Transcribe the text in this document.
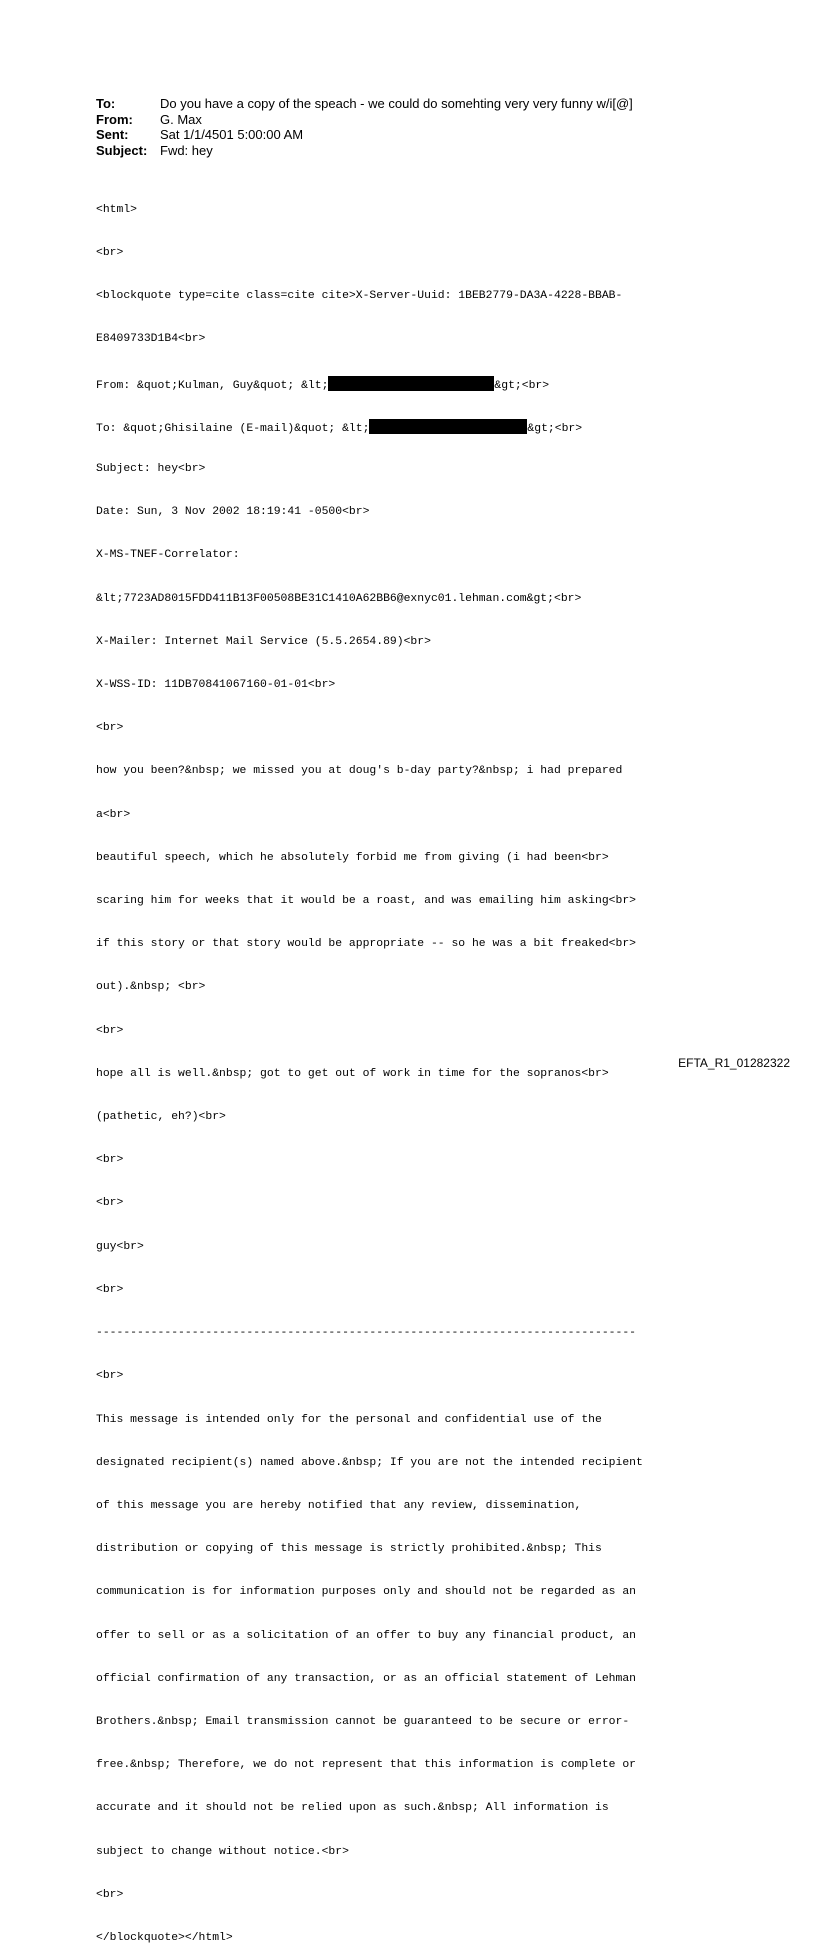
To:	Do you have a copy of the speach - we could do somehting very very funny w/i[@]
From:	G. Max
Sent:	Sat 1/1/4501 5:00:00 AM
Subject: Fwd: hey

<html>

<br>

<blockquote type=cite class=cite cite>X-Server-Uuid: 1BEB2779-DA3A-4228-BBAB-

E8409733D1B4<br>

From: &quot;Kulman, Guy&quot; &lt;	&gt;<br>

To: &quot;Ghisilaine (E-mail)&quot; &lt;	&gt;<br>

Subject: hey<br>

Date: Sun, 3 Nov 2002 18:19:41 -0500<br>

X-MS-TNEF-Correlator:

&lt;7723AD8015FDD411B13F00508BE31C1410A62BB6@exnyc01.lehman.com&gt;<br>

X-Mailer: Internet Mail Service (5.5.2654.89)<br>

X-WSS-ID: 11DB70841067160-01-01<br>

<br>

how you been?&nbsp; we missed you at doug's b-day party?&nbsp; i had prepared

a<br>

beautiful speech, which he absolutely forbid me from giving (i had been<br>

scaring him for weeks that it would be a roast, and was emailing him asking<br>

if this story or that story would be appropriate -- so he was a bit freaked<br>

out).&nbsp; <br>

<br>

hope all is well.&nbsp; got to get out of work in time for the sopranos<br>

(pathetic, eh?)<br>

<br>

<br>

guy<br>

<br>

-------------------------------------------------------------------------------

<br>

This message is intended only for the personal and confidential use of the

designated recipient(s) named above.&nbsp; If you are not the intended recipient

of this message you are hereby notified that any review, dissemination,

distribution or copying of this message is strictly prohibited.&nbsp; This

communication is for information purposes only and should not be regarded as an

offer to sell or as a solicitation of an offer to buy any financial product, an

official confirmation of any transaction, or as an official statement of Lehman

Brothers.&nbsp; Email transmission cannot be guaranteed to be secure or error-

free.&nbsp; Therefore, we do not represent that this information is complete or

accurate and it should not be relied upon as such.&nbsp; All information is

subject to change without notice.<br>

<br>

</blockquote></html>

EFTA_R1_01282322
